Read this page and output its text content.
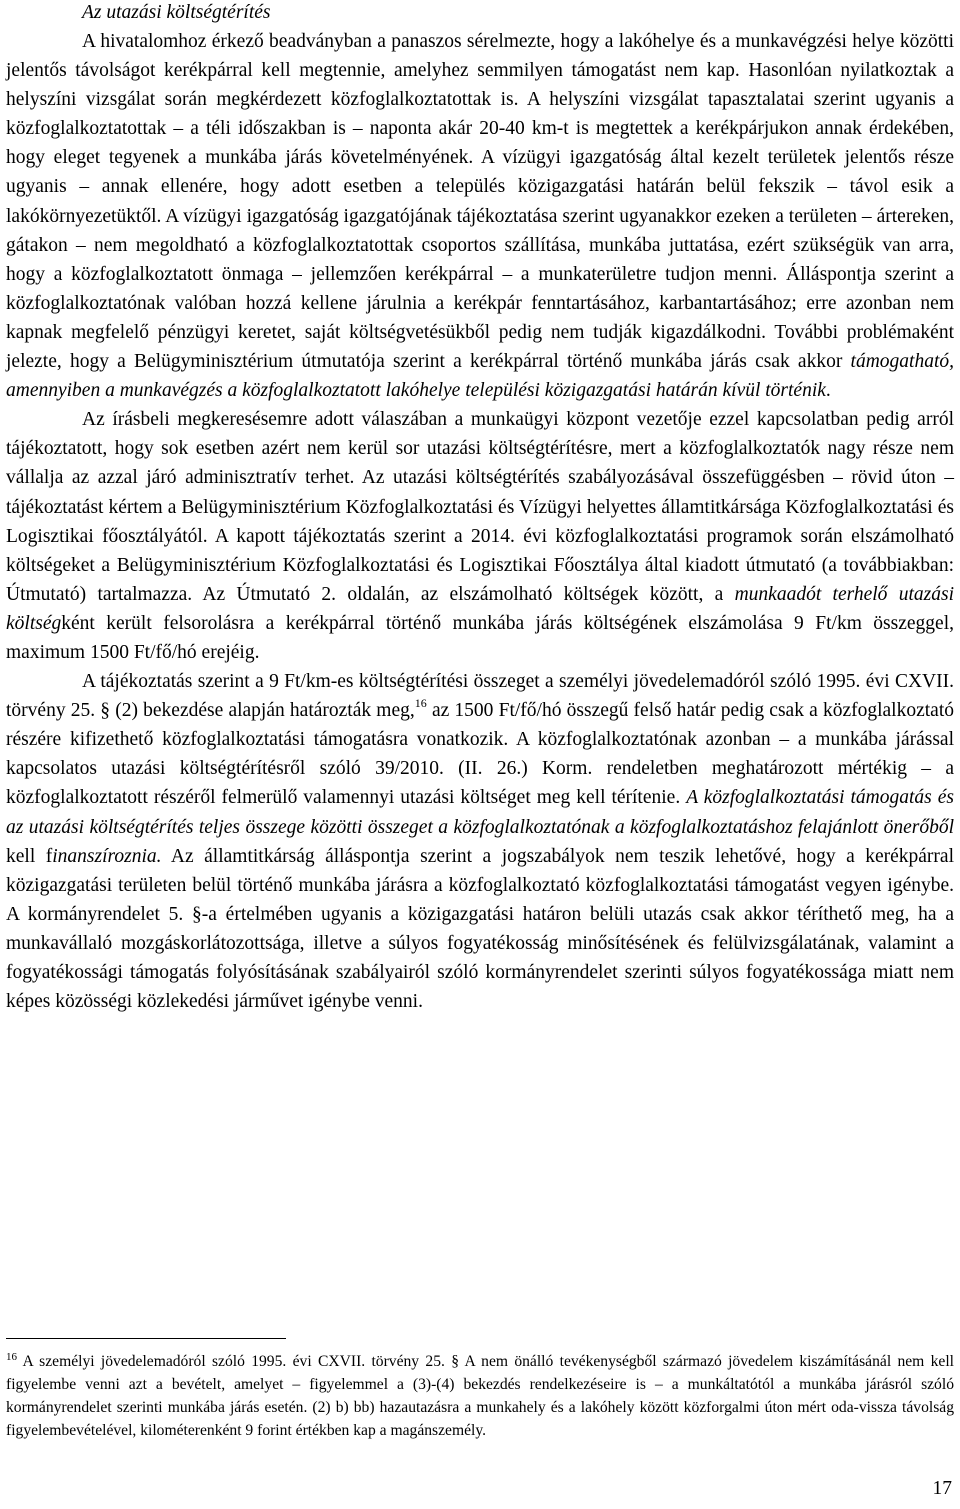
Az utazási költségtérítés

A hivatalomhoz érkező beadványban a panaszos sérelmezte, hogy a lakóhelye és a munkavégzési helye közötti jelentős távolságot kerékpárral kell megtennie, amelyhez semmilyen támogatást nem kap. Hasonlóan nyilatkoztak a helyszíni vizsgálat során megkérdezett közfoglalkoztatottak is. A helyszíni vizsgálat tapasztalatai szerint ugyanis a közfoglalkoztatottak – a téli időszakban is – naponta akár 20-40 km-t is megtettek a kerékpárjukon annak érdekében, hogy eleget tegyenek a munkába járás követelményének. A vízügyi igazgatóság által kezelt területek jelentős része ugyanis – annak ellenére, hogy adott esetben a település közigazgatási határán belül fekszik – távol esik a lakókörnyezetüktől. A vízügyi igazgatóság igazgatójának tájékoztatása szerint ugyanakkor ezeken a területen – ártereken, gátakon – nem megoldható a közfoglalkoztatottak csoportos szállítása, munkába juttatása, ezért szükségük van arra, hogy a közfoglalkoztatott önmaga – jellemzően kerékpárral – a munkaterületre tudjon menni. Álláspontja szerint a közfoglalkoztatónak valóban hozzá kellene járulnia a kerékpár fenntartásához, karbantartásához; erre azonban nem kapnak megfelelő pénzügyi keretet, saját költségvetésükből pedig nem tudják kigazdálkodni. További problémaként jelezte, hogy a Belügyminisztérium útmutatója szerint a kerékpárral történő munkába járás csak akkor támogatható, amennyiben a munkavégzés a közfoglalkoztatott lakóhelye települési közigazgatási határán kívül történik.

Az írásbeli megkeresésemre adott válaszában a munkaügyi központ vezetője ezzel kapcsolatban pedig arról tájékoztatott, hogy sok esetben azért nem kerül sor utazási költségtérítésre, mert a közfoglalkoztatók nagy része nem vállalja az azzal járó adminisztratív terhet. Az utazási költségtérítés szabályozásával összefüggésben – rövid úton – tájékoztatást kértem a Belügyminisztérium Közfoglalkoztatási és Vízügyi helyettes államtitkársága Közfoglalkoztatási és Logisztikai főosztályától. A kapott tájékoztatás szerint a 2014. évi közfoglalkoztatási programok során elszámolható költségeket a Belügyminisztérium Közfoglalkoztatási és Logisztikai Főosztálya által kiadott útmutató (a továbbiakban: Útmutató) tartalmazza. Az Útmutató 2. oldalán, az elszámolható költségek között, a munkaadót terhelő utazási költségként került felsorolásra a kerékpárral történő munkába járás költségének elszámolása 9 Ft/km összeggel, maximum 1500 Ft/fő/hó erejéig.

A tájékoztatás szerint a 9 Ft/km-es költségtérítési összeget a személyi jövedelemadóról szóló 1995. évi CXVII. törvény 25. § (2) bekezdése alapján határozták meg,$^{16}$ az 1500 Ft/fő/hó összegű felső határ pedig csak a közfoglalkoztató részére kifizethető közfoglalkoztatási támogatásra vonatkozik. A közfoglalkoztatónak azonban – a munkába járással kapcsolatos utazási költségtérítésről szóló 39/2010. (II. 26.) Korm. rendeletben meghatározott mértékig – a közfoglalkoztatott részéről felmerülő valamennyi utazási költséget meg kell térítenie. A közfoglalkoztatási támogatás és az utazási költségtérítés teljes összege közötti összeget a közfoglalkoztatónak a közfoglalkoztatáshoz felajánlott önerőből kell finanszíroznia. Az államtitkárság álláspontja szerint a jogszabályok nem teszik lehetővé, hogy a kerékpárral közigazgatási területen belül történő munkába járásra a közfoglalkoztató közfoglalkoztatási támogatást vegyen igénybe. A kormányrendelet 5. §-a értelmében ugyanis a közigazgatási határon belüli utazás csak akkor téríthető meg, ha a munkavállaló mozgáskorlátozottsága, illetve a súlyos fogyatékosság minősítésének és felülvizsgálatának, valamint a fogyatékossági támogatás folyósításának szabályairól szóló kormányrendelet szerinti súlyos fogyatékossága miatt nem képes közösségi közlekedési járművet igénybe venni.

$^{16}$ A személyi jövedelemadóról szóló 1995. évi CXVII. törvény 25. § A nem önálló tevékenységből származó jövedelem kiszámításánál nem kell figyelembe venni azt a bevételt, amelyet – figyelemmel a (3)-(4) bekezdés rendelkezéseire is – a munkáltatótól a munkába járásról szóló kormányrendelet szerinti munkába járás esetén. (2) b) bb) hazautazásra a munkahely és a lakóhely között közforgalmi úton mért oda-vissza távolság figyelembevételével, kilométerenként 9 forint értékben kap a magánszemély.
17
